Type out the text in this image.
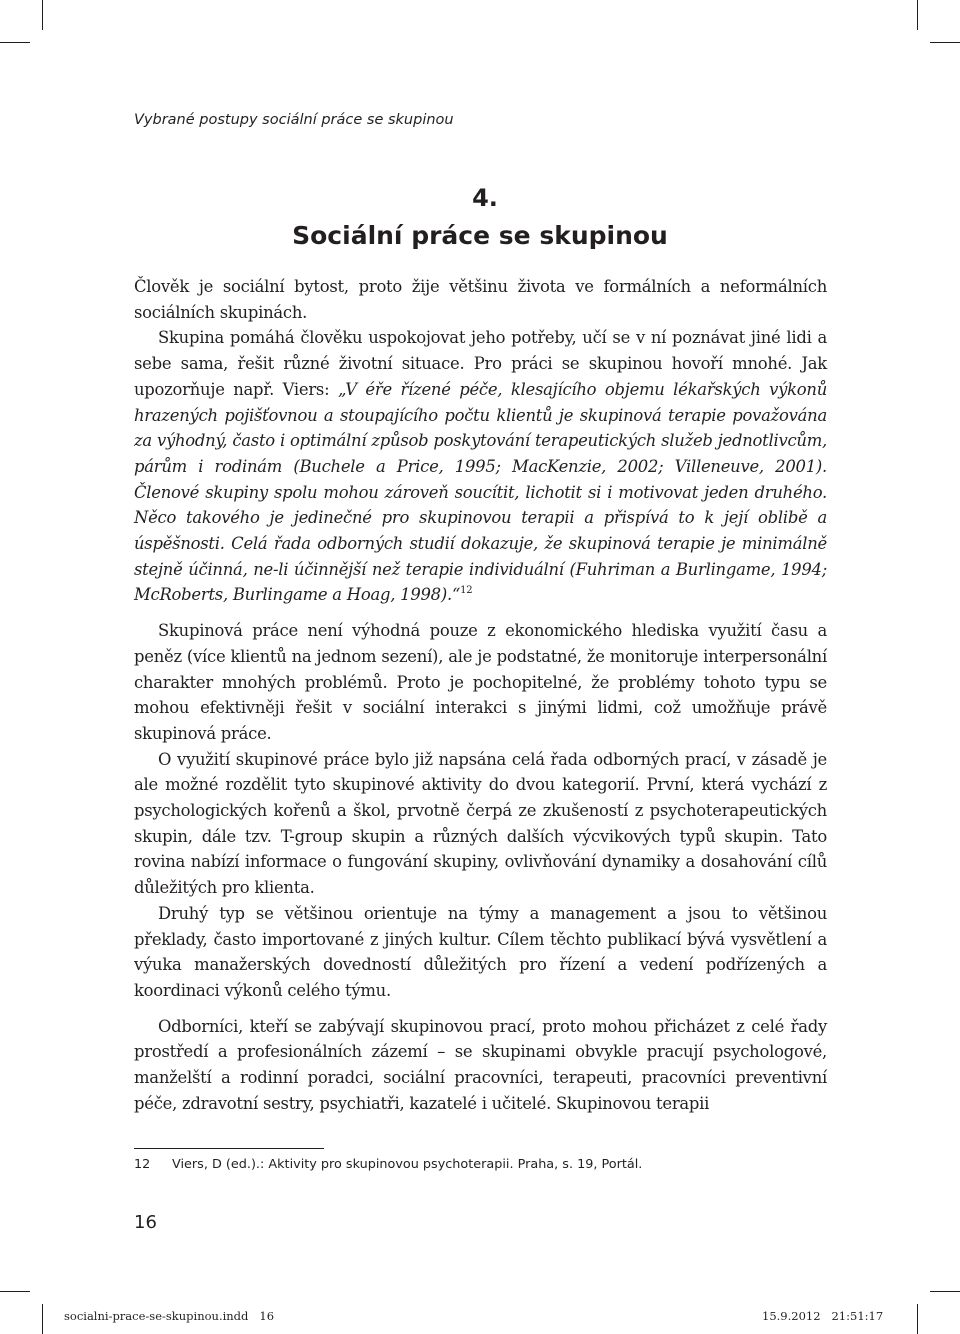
Vybrané postupy sociální práce se skupinou
4.
Sociální práce se skupinou

Člověk je sociální bytost, proto žije většinu života ve formálních a neformálních sociálních skupinách.

Skupina pomáhá člověku uspokojovat jeho potřeby, učí se v ní poznávat jiné lidi a sebe sama, řešit různé životní situace. Pro práci se skupinou hovoří mnohé. Jak upozorňuje např. Viers: „V éře řízené péče, klesajícího objemu lékařských výkonů hrazených pojišťovnou a stoupajícího počtu klientů je skupinová terapie považována za výhodný, často i optimální způsob poskytování terapeutických služeb jednotlivcům, párům i rodinám (Buchele a Price, 1995; MacKenzie, 2002; Villeneuve, 2001). Členové skupiny spolu mohou zároveň soucítit, lichotit si i motivovat jeden druhého. Něco takového je jedinečné pro skupinovou terapii a přispívá to k její oblibě a úspěšnosti. Celá řada odborných studií dokazuje, že skupinová terapie je minimálně stejně účinná, ne-li účinnější než terapie individuální (Fuhriman a Burlingame, 1994; McRoberts, Burlingame a Hoag, 1998).“$^{12}$

Skupinová práce není výhodná pouze z ekonomického hlediska využití času a peněz (více klientů na jednom sezení), ale je podstatné, že monitoruje interpersonální charakter mnohých problémů. Proto je pochopitelné, že problémy tohoto typu se mohou efektivněji řešit v sociální interakci s jinými lidmi, což umožňuje právě skupinová práce.

O využití skupinové práce bylo již napsána celá řada odborných prací, v zásadě je ale možné rozdělit tyto skupinové aktivity do dvou kategorií. První, která vychází z psychologických kořenů a škol, prvotně čerpá ze zkušeností z psychoterapeutických skupin, dále tzv. T-group skupin a různých dalších výcvikových typů skupin. Tato rovina nabízí informace o fungování skupiny, ovlivňování dynamiky a dosahování cílů důležitých pro klienta.

Druhý typ se většinou orientuje na týmy a management a jsou to většinou překlady, často importované z jiných kultur. Cílem těchto publikací bývá vysvětlení a výuka manažerských dovedností důležitých pro řízení a vedení podřízených a koordinaci výkonů celého týmu.

Odborníci, kteří se zabývají skupinovou prací, proto mohou přicházet z celé řady prostředí a profesionálních zázemí – se skupinami obvykle pracují psychologové, manželští a rodinní poradci, sociální pracovníci, terapeuti, pracovníci preventivní péče, zdravotní sestry, psychiatři, kazatelé i učitelé. Skupinovou terapii

12 Viers, D (ed.).: Aktivity pro skupinovou psychoterapii. Praha, s. 19, Portál.
16
socialni-prace-se-skupinou.indd   16	15.9.2012   21:51:17
